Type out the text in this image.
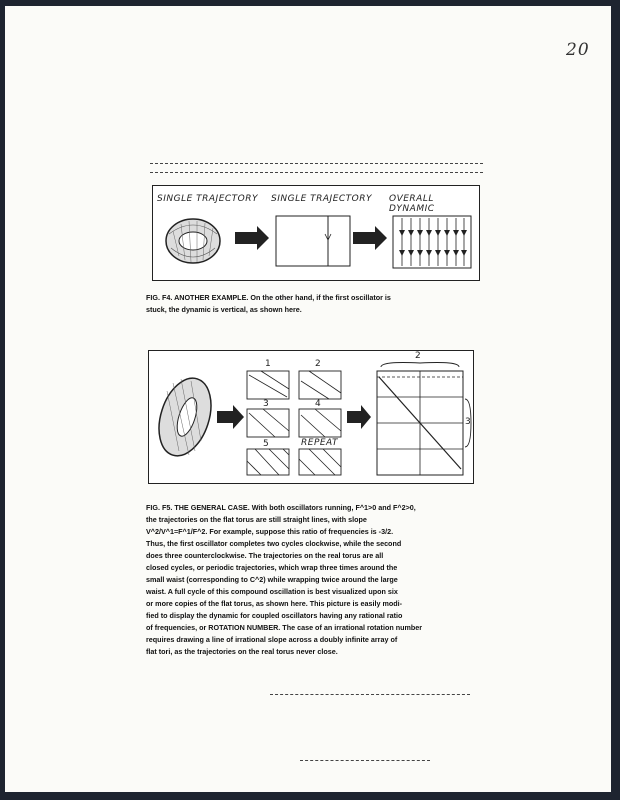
20
SINGLE TRAJECTORY SINGLE TRAJECTORY OVERALL DYNAMIC
FIG. F4. ANOTHER EXAMPLE. On the other hand, if the first oscillator is
stuck, the dynamic is vertical, as shown here.
1	2
3	4
5	REPEAT
2
3
FIG. F5. THE GENERAL CASE. With both oscillators running, F^1>0 and F^2>0,
the trajectories on the flat torus are still straight lines, with slope
V^2/V^1=F^1/F^2. For example, suppose this ratio of frequencies is -3/2.
Thus, the first oscillator completes two cycles clockwise, while the second
does three counterclockwise. The trajectories on the real torus are all
closed cycles, or periodic trajectories, which wrap three times around the
small waist (corresponding to C^2) while wrapping twice around the large
waist. A full cycle of this compound oscillation is best visualized upon six
or more copies of the flat torus, as shown here. This picture is easily modi-
fied to display the dynamic for coupled oscillators having any rational ratio
of frequencies, or ROTATION NUMBER. The case of an irrational rotation number
requires drawing a line of irrational slope across a doubly infinite array of
flat tori, as the trajectories on the real torus never close.
